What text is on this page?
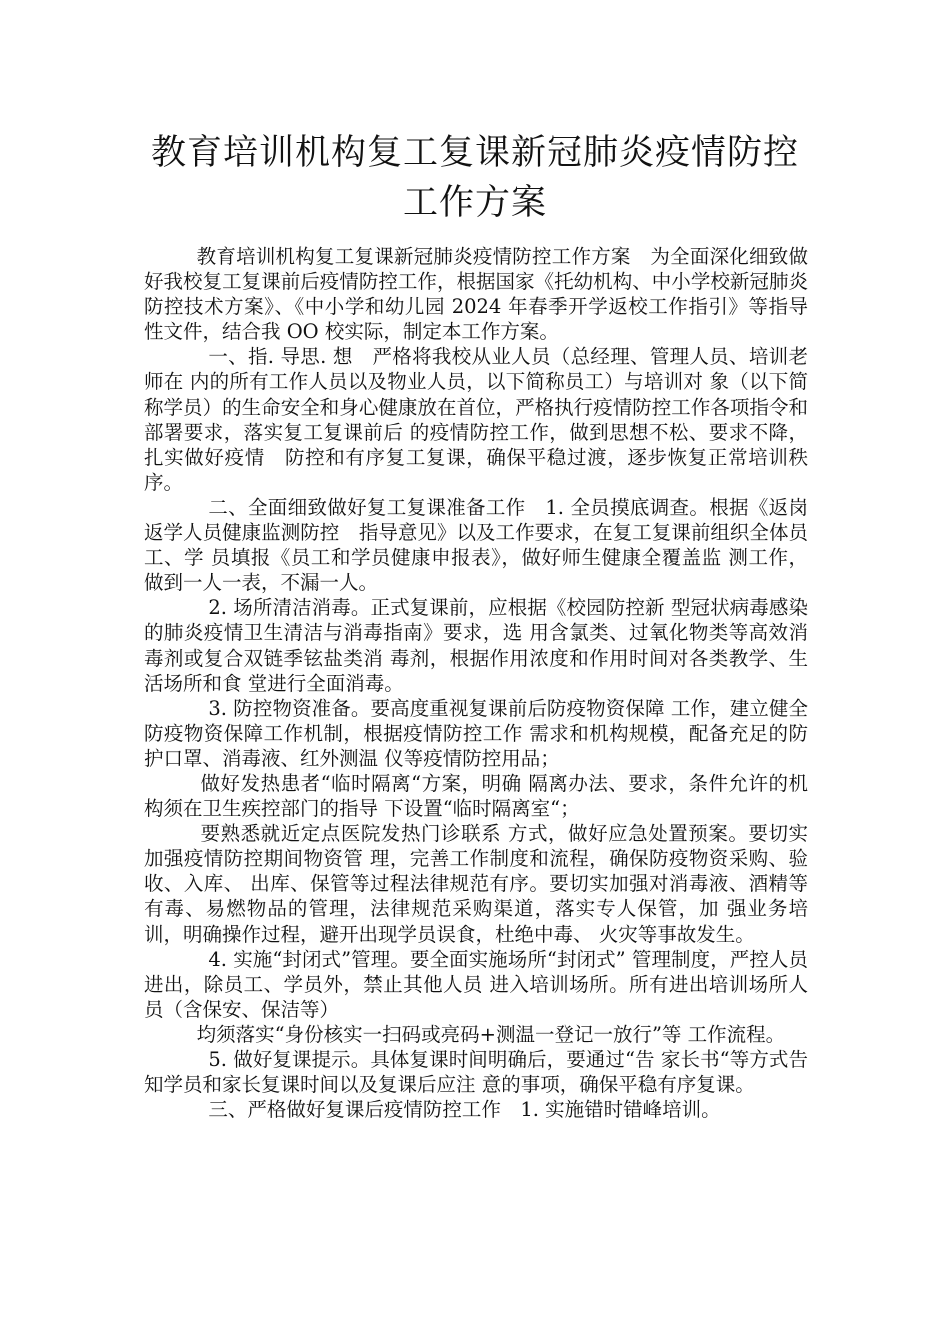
教育培训机构复工复课新冠肺炎疫情防控
工作方案

教育培训机构复工复课新冠肺炎疫情防控工作方案　为全面深化细致做好我校复工复课前后疫情防控工作，根据国家《托幼机构、中小学校新冠肺炎防控技术方案》、《中小学和幼儿园 2024 年春季开学返校工作指引》等指导 性文件，结合我 OO 校实际，制定本工作方案。

一、指. 导思. 想　严格将我校从业人员（总经理、管理人员、培训老师在 内的所有工作人员以及物业人员，以下简称员工）与培训对 象（以下简称学员）的生命安全和身心健康放在首位，严格执行疫情防控工作各项指令和部署要求，落实复工复课前后 的疫情防控工作，做到思想不松、要求不降，扎实做好疫情　防控和有序复工复课，确保平稳过渡，逐步恢复正常培训秩 序。

二、全面细致做好复工复课准备工作　1. 全员摸底调查。根据《返岗返学人员健康监测防控　指导意见》以及工作要求，在复工复课前组织全体员工、学 员填报《员工和学员健康申报表》，做好师生健康全覆盖监 测工作，做到一人一表，不漏一人。

2. 场所清洁消毒。正式复课前，应根据《校园防控新 型冠状病毒感染的肺炎疫情卫生清洁与消毒指南》要求，选 用含氯类、过氧化物类等高效消毒剂或复合双链季铉盐类消 毒剂，根据作用浓度和作用时间对各类教学、生活场所和食 堂进行全面消毒。

3. 防控物资准备。要高度重视复课前后防疫物资保障 工作，建立健全防疫物资保障工作机制，根据疫情防控工作 需求和机构规模，配备充足的防护口罩、消毒液、红外测温 仪等疫情防控用品；

做好发热患者“临时隔离“方案，明确 隔离办法、要求，条件允许的机构须在卫生疾控部门的指导 下设置“临时隔离室“；

要熟悉就近定点医院发热门诊联系 方式，做好应急处置预案。要切实加强疫情防控期间物资管 理，完善工作制度和流程，确保防疫物资采购、验收、入库、 出库、保管等过程法律规范有序。要切实加强对消毒液、酒精等 有毒、易燃物品的管理，法律规范采购渠道，落实专人保管，加 强业务培训，明确操作过程，避开出现学员误食，杜绝中毒、 火灾等事故发生。

4. 实施“封闭式”管理。要全面实施场所“封闭式” 管理制度，严控人员进出，除员工、学员外，禁止其他人员 进入培训场所。所有进出培训场所人员（含保安、保洁等）

均须落实“身份核实一扫码或亮码+测温一登记一放行”等 工作流程。

5. 做好复课提示。具体复课时间明确后，要通过“告 家长书“等方式告知学员和家长复课时间以及复课后应注 意的事项，确保平稳有序复课。

三、严格做好复课后疫情防控工作　1. 实施错时错峰培训。
